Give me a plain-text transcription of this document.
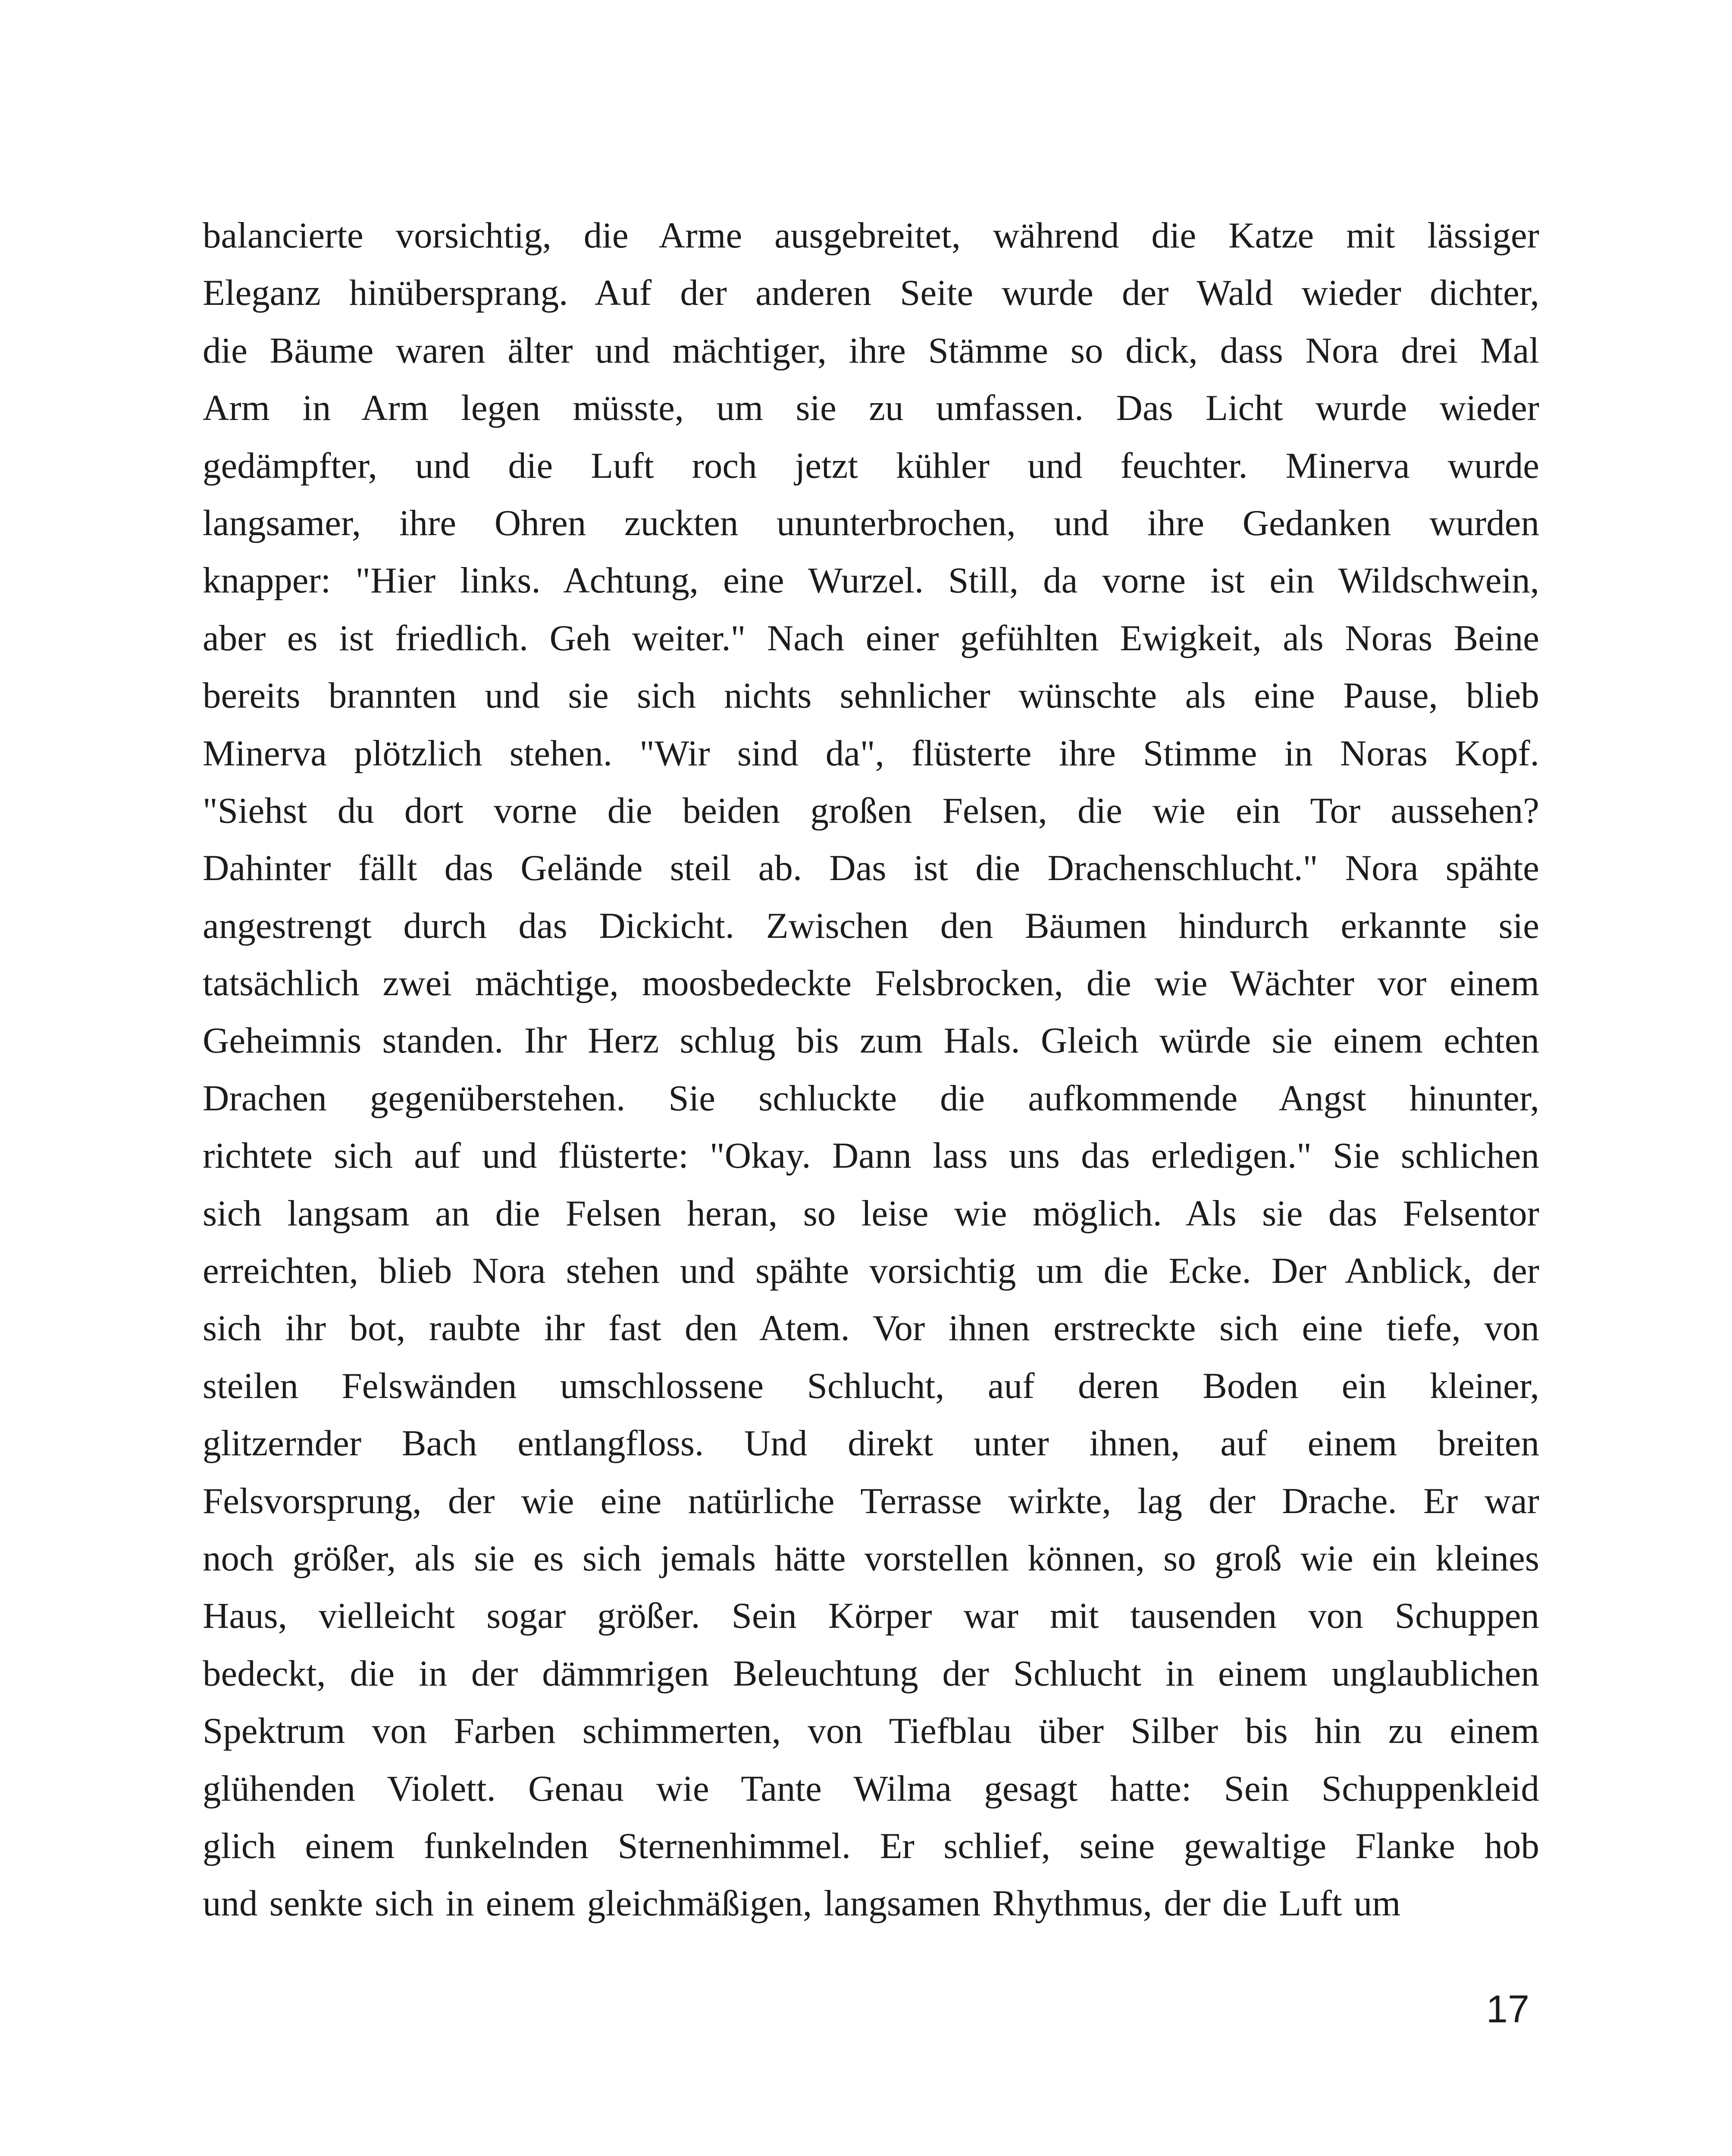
balancierte vorsichtig, die Arme ausgebreitet, während die Katze mit lässiger
Eleganz hinübersprang. Auf der anderen Seite wurde der Wald wieder dichter,
die Bäume waren älter und mächtiger, ihre Stämme so dick, dass Nora drei Mal
Arm in Arm legen müsste, um sie zu umfassen. Das Licht wurde wieder
gedämpfter, und die Luft roch jetzt kühler und feuchter. Minerva wurde
langsamer, ihre Ohren zuckten ununterbrochen, und ihre Gedanken wurden
knapper: "Hier links. Achtung, eine Wurzel. Still, da vorne ist ein Wildschwein,
aber es ist friedlich. Geh weiter." Nach einer gefühlten Ewigkeit, als Noras Beine
bereits brannten und sie sich nichts sehnlicher wünschte als eine Pause, blieb
Minerva plötzlich stehen. "Wir sind da", flüsterte ihre Stimme in Noras Kopf.
"Siehst du dort vorne die beiden großen Felsen, die wie ein Tor aussehen?
Dahinter fällt das Gelände steil ab. Das ist die Drachenschlucht." Nora spähte
angestrengt durch das Dickicht. Zwischen den Bäumen hindurch erkannte sie
tatsächlich zwei mächtige, moosbedeckte Felsbrocken, die wie Wächter vor einem
Geheimnis standen. Ihr Herz schlug bis zum Hals. Gleich würde sie einem echten
Drachen gegenüberstehen. Sie schluckte die aufkommende Angst hinunter,
richtete sich auf und flüsterte: "Okay. Dann lass uns das erledigen." Sie schlichen
sich langsam an die Felsen heran, so leise wie möglich. Als sie das Felsentor
erreichten, blieb Nora stehen und spähte vorsichtig um die Ecke. Der Anblick, der
sich ihr bot, raubte ihr fast den Atem. Vor ihnen erstreckte sich eine tiefe, von
steilen Felswänden umschlossene Schlucht, auf deren Boden ein kleiner,
glitzernder Bach entlangfloss. Und direkt unter ihnen, auf einem breiten
Felsvorsprung, der wie eine natürliche Terrasse wirkte, lag der Drache. Er war
noch größer, als sie es sich jemals hätte vorstellen können, so groß wie ein kleines
Haus, vielleicht sogar größer. Sein Körper war mit tausenden von Schuppen
bedeckt, die in der dämmrigen Beleuchtung der Schlucht in einem unglaublichen
Spektrum von Farben schimmerten, von Tiefblau über Silber bis hin zu einem
glühenden Violett. Genau wie Tante Wilma gesagt hatte: Sein Schuppenkleid
glich einem funkelnden Sternenhimmel. Er schlief, seine gewaltige Flanke hob
und senkte sich in einem gleichmäßigen, langsamen Rhythmus, der die Luft um

17
